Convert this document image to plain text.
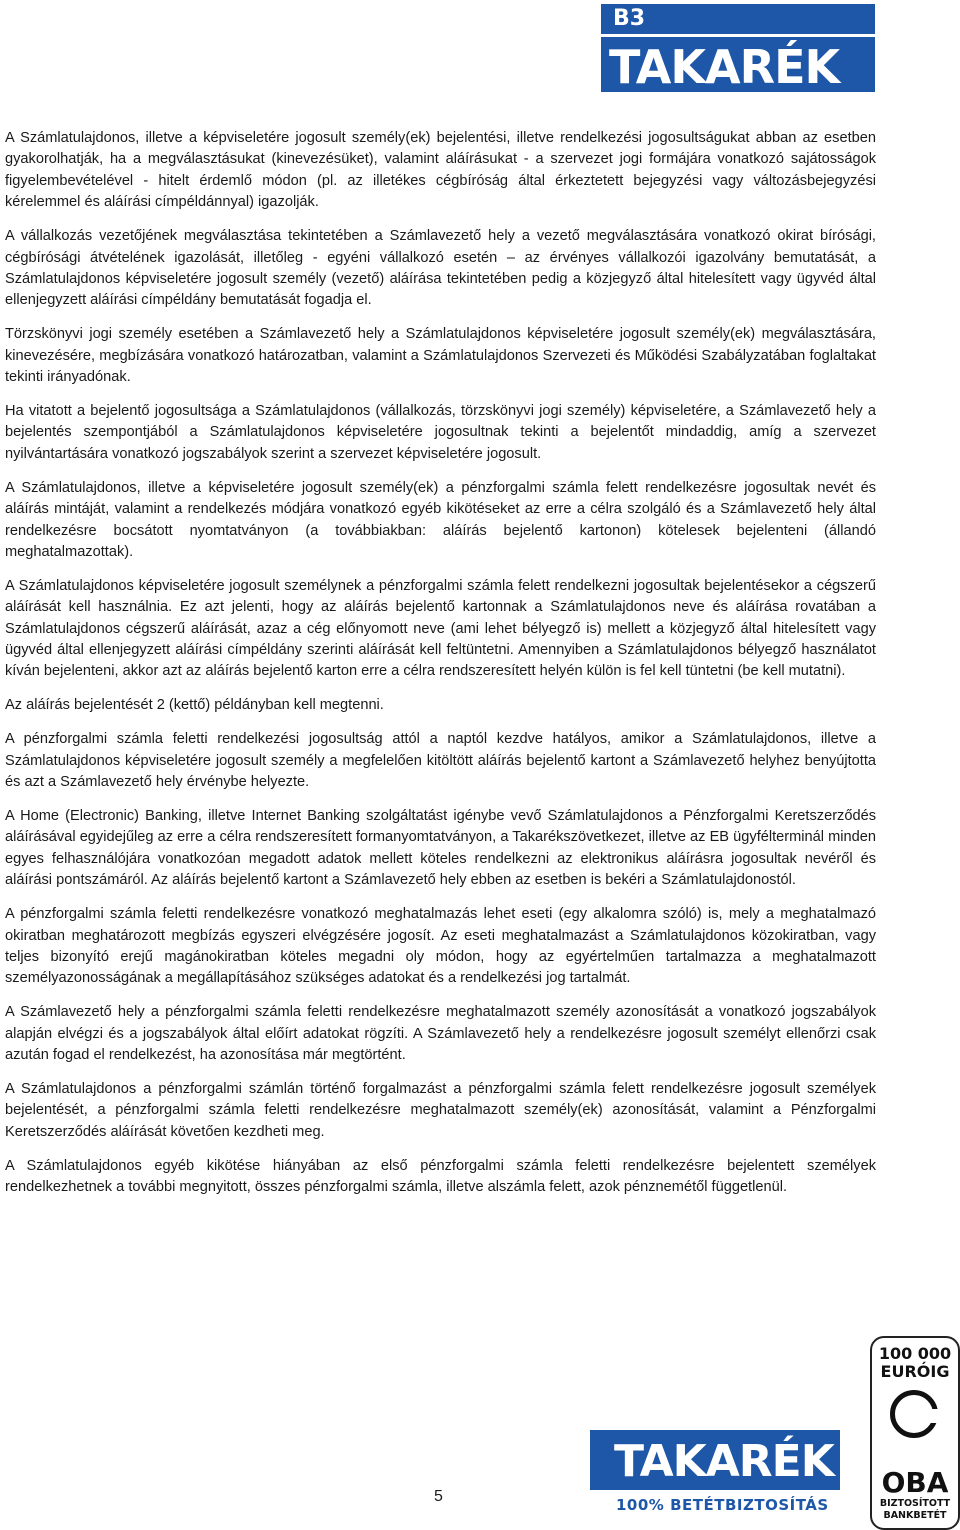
B3
TAKARÉK

A Számlatulajdonos, illetve a képviseletére jogosult személy(ek) bejelentési, illetve rendelkezési jogosultságukat abban az esetben gyakorolhatják, ha a megválasztásukat (kinevezésüket), valamint aláírásukat - a szervezet jogi formájára vonatkozó sajátosságok figyelembevételével - hitelt érdemlő módon (pl. az illetékes cégbíróság által érkeztetett bejegyzési vagy változásbejegyzési kérelemmel és aláírási címpéldánnyal) igazolják.

A vállalkozás vezetőjének megválasztása tekintetében a Számlavezető hely a vezető megválasztására vonatkozó okirat bírósági, cégbírósági átvételének igazolását, illetőleg - egyéni vállalkozó esetén – az érvényes vállalkozói igazolvány bemutatását, a Számlatulajdonos képviseletére jogosult személy (vezető) aláírása tekintetében pedig a közjegyző által hitelesített vagy ügyvéd által ellenjegyzett aláírási címpéldány bemutatását fogadja el.

Törzskönyvi jogi személy esetében a Számlavezető hely a Számlatulajdonos képviseletére jogosult személy(ek) megválasztására, kinevezésére, megbízására vonatkozó határozatban, valamint a Számlatulajdonos Szervezeti és Működési Szabályzatában foglaltakat tekinti irányadónak.

Ha vitatott a bejelentő jogosultsága a Számlatulajdonos (vállalkozás, törzskönyvi jogi személy) képviseletére, a Számlavezető hely a bejelentés szempontjából a Számlatulajdonos képviseletére jogosultnak tekinti a bejelentőt mindaddig, amíg a szervezet nyilvántartására vonatkozó jogszabályok szerint a szervezet képviseletére jogosult.

A Számlatulajdonos, illetve a képviseletére jogosult személy(ek) a pénzforgalmi számla felett rendelkezésre jogosultak nevét és aláírás mintáját, valamint a rendelkezés módjára vonatkozó egyéb kikötéseket az erre a célra szolgáló és a Számlavezető hely által rendelkezésre bocsátott nyomtatványon (a továbbiakban: aláírás bejelentő kartonon) kötelesek bejelenteni (állandó meghatalmazottak).

A Számlatulajdonos képviseletére jogosult személynek a pénzforgalmi számla felett rendelkezni jogosultak bejelentésekor a cégszerű aláírását kell használnia. Ez azt jelenti, hogy az aláírás bejelentő kartonnak a Számlatulajdonos neve és aláírása rovatában a Számlatulajdonos cégszerű aláírását, azaz a cég előnyomott neve (ami lehet bélyegző is) mellett a közjegyző által hitelesített vagy ügyvéd által ellenjegyzett aláírási címpéldány szerinti aláírását kell feltüntetni. Amennyiben a Számlatulajdonos bélyegző használatot kíván bejelenteni, akkor azt az aláírás bejelentő karton erre a célra rendszeresített helyén külön is fel kell tüntetni (be kell mutatni).

Az aláírás bejelentését 2 (kettő) példányban kell megtenni.

A pénzforgalmi számla feletti rendelkezési jogosultság attól a naptól kezdve hatályos, amikor a Számlatulajdonos, illetve a Számlatulajdonos képviseletére jogosult személy a megfelelően kitöltött aláírás bejelentő kartont a Számlavezető helyhez benyújtotta és azt a Számlavezető hely érvénybe helyezte.

A Home (Electronic) Banking, illetve Internet Banking szolgáltatást igénybe vevő Számlatulajdonos a Pénzforgalmi Keretszerződés aláírásával egyidejűleg az erre a célra rendszeresített formanyomtatványon, a Takarékszövetkezet, illetve az EB ügyfélterminál minden egyes felhasználójára vonatkozóan megadott adatok mellett köteles rendelkezni az elektronikus aláírásra jogosultak nevéről és aláírási pontszámáról. Az aláírás bejelentő kartont a Számlavezető hely ebben az esetben is bekéri a Számlatulajdonostól.

A pénzforgalmi számla feletti rendelkezésre vonatkozó meghatalmazás lehet eseti (egy alkalomra szóló) is, mely a meghatalmazó okiratban meghatározott megbízás egyszeri elvégzésére jogosít. Az eseti meghatalmazást a Számlatulajdonos közokiratban, vagy teljes bizonyító erejű magánokiratban köteles megadni oly módon, hogy az egyértelműen tartalmazza a meghatalmazott személyazonosságának a megállapításához szükséges adatokat és a rendelkezési jog tartalmát.

A Számlavezető hely a pénzforgalmi számla feletti rendelkezésre meghatalmazott személy azonosítását a vonatkozó jogszabályok alapján elvégzi és a jogszabályok által előírt adatokat rögzíti. A Számlavezető hely a rendelkezésre jogosult személyt ellenőrzi csak azután fogad el rendelkezést, ha azonosítása már megtörtént.

A Számlatulajdonos a pénzforgalmi számlán történő forgalmazást a pénzforgalmi számla felett rendelkezésre jogosult személyek bejelentését, a pénzforgalmi számla feletti rendelkezésre meghatalmazott személy(ek) azonosítását, valamint a Pénzforgalmi Keretszerződés aláírását követően kezdheti meg.

A Számlatulajdonos egyéb kikötése hiányában az első pénzforgalmi számla feletti rendelkezésre bejelentett személyek rendelkezhetnek a további megnyitott, összes pénzforgalmi számla, illetve alszámla felett, azok pénznemétől függetlenül.

TAKARÉK
100% BETÉTBIZTOSÍTÁS
5
100 000
EURÓIG
OBA
BIZTOSÍTOTT
BANKBETÉT
